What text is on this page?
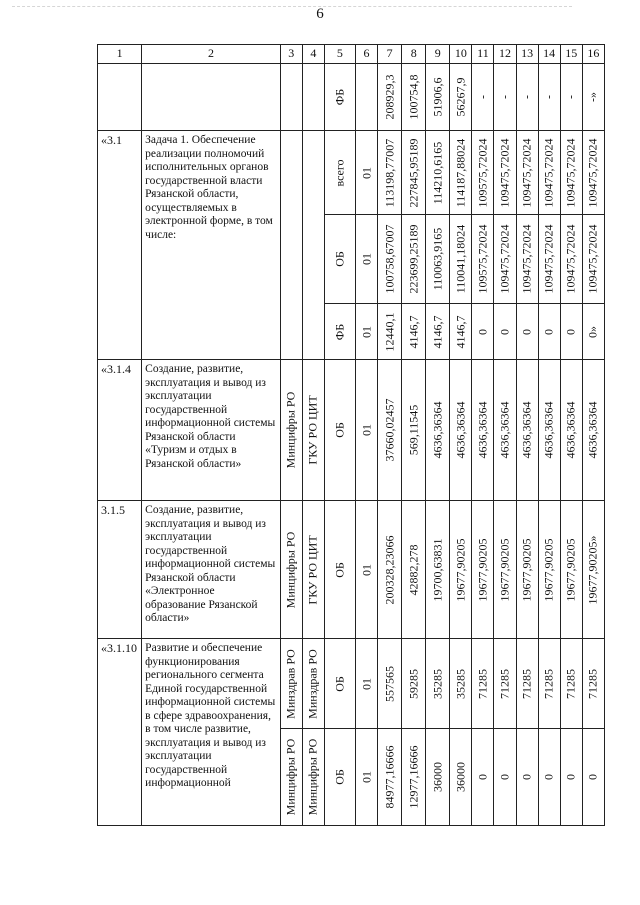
6
1	2	3	4	5	6	7	8	9	10	11	12	13	14	15	16

				ФБ		208929,3	100754,8	51906,6	56267,9	-	-	-	-	-	-»

«3.1	Задача 1. Обеспечение реализации полномочий исполнительных органов государственной власти Рязанской области, осуществляемых в электронной форме, в том числе:			всего	01	113198,77007	227845,95189	114210,6165	114187,88024	109575,72024	109475,72024	109475,72024	109475,72024	109475,72024	109475,72024

				ОБ	01	100758,67007	223699,25189	110063,9165	110041,18024	109575,72024	109475,72024	109475,72024	109475,72024	109475,72024	109475,72024

				ФБ	01	12440,1	4146,7	4146,7	4146,7	0	0	0	0	0	0»

«3.1.4	Создание, развитие, эксплуатация и вывод из эксплуатации государственной информационной системы Рязанской области «Туризм и отдых в Рязанской области»	Минцифры РО	ГКУ РО ЦИТ	ОБ	01	37660,02457	569,11545	4636,36364	4636,36364	4636,36364	4636,36364	4636,36364	4636,36364	4636,36364	4636,36364

3.1.5	Создание, развитие, эксплуатация и вывод из эксплуатации государственной информационной системы Рязанской области «Электронное образование Рязанской области»	Минцифры РО	ГКУ РО ЦИТ	ОБ	01	200328,23066	42882,278	19700,63831	19677,90205	19677,90205	19677,90205	19677,90205	19677,90205	19677,90205	19677,90205»

«3.1.10	Развитие и обеспечение функционирования регионального сегмента Единой государственной информационной системы в сфере здравоохранения, в том числе развитие, эксплуатация и вывод из эксплуатации государственной информационной	Минздрав РО	Минздрав РО	ОБ	01	557565	59285	35285	35285	71285	71285	71285	71285	71285	71285

		Минцифры РО	Минцифры РО	ОБ	01	84977,16666	12977,16666	36000	36000	0	0	0	0	0	0
